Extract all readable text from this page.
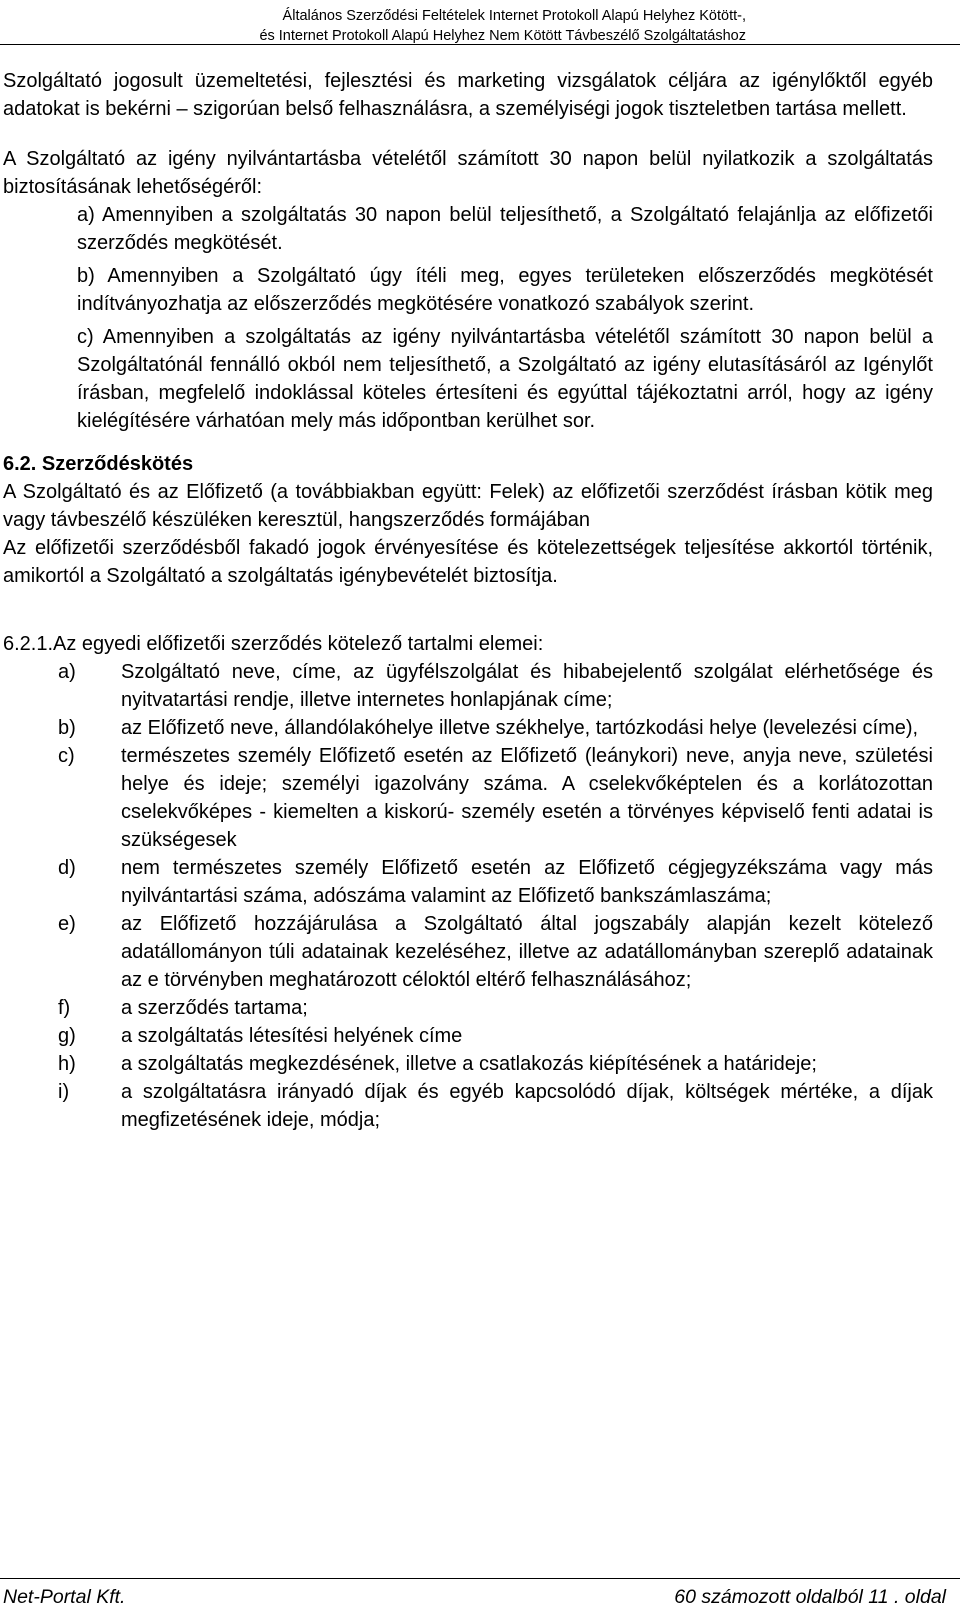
Általános Szerződési Feltételek Internet Protokoll Alapú Helyhez Kötött-,
és Internet Protokoll Alapú Helyhez Nem Kötött Távbeszélő Szolgáltatáshoz

Szolgáltató jogosult üzemeltetési, fejlesztési és marketing vizsgálatok céljára az igénylőktől egyéb adatokat is bekérni – szigorúan belső felhasználásra, a személyiségi jogok tiszteletben tartása mellett.

A Szolgáltató az igény nyilvántartásba vételétől számított 30 napon belül nyilatkozik a szolgáltatás biztosításának lehetőségéről:

a) Amennyiben a szolgáltatás 30 napon belül teljesíthető, a Szolgáltató felajánlja az előfizetői szerződés megkötését.

b) Amennyiben a Szolgáltató úgy ítéli meg, egyes területeken előszerződés megkötését indítványozhatja az előszerződés megkötésére vonatkozó szabályok szerint.

c) Amennyiben a szolgáltatás az igény nyilvántartásba vételétől számított 30 napon belül a Szolgáltatónál fennálló okból nem teljesíthető, a Szolgáltató az igény elutasításáról az Igénylőt írásban, megfelelő indoklással köteles értesíteni és egyúttal tájékoztatni arról, hogy az igény kielégítésére várhatóan mely más időpontban kerülhet sor.

6.2. Szerződéskötés

A Szolgáltató és az Előfizető (a továbbiakban együtt: Felek) az előfizetői szerződést írásban kötik meg vagy távbeszélő készüléken keresztül, hangszerződés formájában

Az előfizetői szerződésből fakadó jogok érvényesítése és kötelezettségek teljesítése akkortól történik, amikortól a Szolgáltató a szolgáltatás igénybevételét biztosítja.

6.2.1.Az egyedi előfizetői szerződés kötelező tartalmi elemei:

a)	Szolgáltató neve, címe, az ügyfélszolgálat és hibabejelentő szolgálat elérhetősége és nyitvatartási rendje, illetve internetes honlapjának címe;
b)	az Előfizető neve, állandólakóhelye illetve székhelye, tartózkodási helye (levelezési címe),
c)	természetes személy Előfizető esetén az Előfizető (leánykori) neve, anyja neve, születési helye és ideje; személyi igazolvány száma. A cselekvőképtelen és a korlátozottan cselekvőképes - kiemelten a kiskorú- személy esetén a törvényes képviselő fenti adatai is szükségesek
d)	nem természetes személy Előfizető esetén az Előfizető cégjegyzékszáma vagy más nyilvántartási száma, adószáma valamint az Előfizető bankszámlaszáma;
e)	az Előfizető hozzájárulása a Szolgáltató által jogszabály alapján kezelt kötelező adatállományon túli adatainak kezeléséhez, illetve az adatállományban szereplő adatainak az e törvényben meghatározott céloktól eltérő felhasználásához;
f)	a szerződés tartama;
g)	a szolgáltatás létesítési helyének címe
h)	a szolgáltatás megkezdésének, illetve a csatlakozás kiépítésének a határideje;
i)	a szolgáltatásra irányadó díjak és egyéb kapcsolódó díjak, költségek mértéke, a díjak megfizetésének ideje, módja;
Net-Portal Kft.	60 számozott oldalból 11 . oldal
